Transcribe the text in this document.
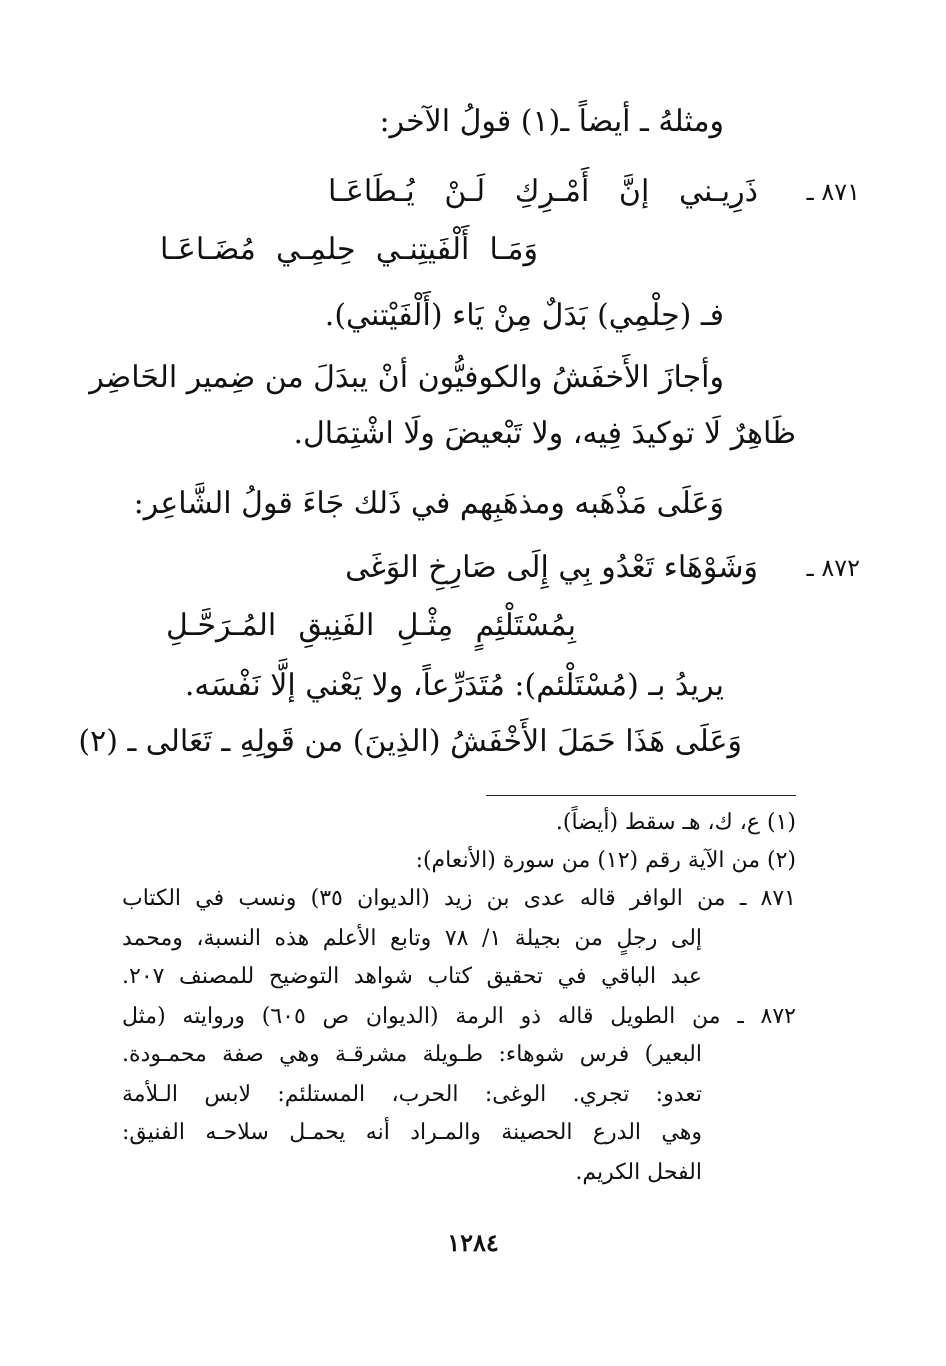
ومثلهُ ـ أيضاً ـ(١) قولُ الآخر:
٨٧١ ـ
ذَرِيـني إنَّ أَمْـرِكِ لَـنْ يُـطَاعَـا
وَمَـا أَلْفَيتِنـي حِلمِـي مُضَـاعَـا
فـ (حِلْمِي) بَدَلٌ مِنْ يَاء (أَلْفَيْتني).
وأجازَ الأَخفَشُ والكوفيُّون أنْ يبدَلَ من ضِمير الحَاضِر
ظَاهِرٌ لَا توكيدَ فِيه، ولا تَبْعيضَ ولَا اشْتِمَال.
وَعَلَى مَذْهَبه ومذهَبِهم في ذَلك جَاءَ قولُ الشَّاعِر:
٨٧٢ ـ
وَشَوْهَاء تَعْدُو بِي إِلَى صَارِخِ الوَغَى
بِمُسْتَلْئِمٍ مِثْـلِ الفَنِيقِ المُـرَحَّـلِ
يريدُ بـ (مُسْتَلْئم): مُتَدَرِّعاً، ولا يَعْني إلَّا نَفْسَه.
وَعَلَى هَذَا حَمَلَ الأَخْفَشُ (الذِينَ) من قَولِهِ ـ تَعَالى ـ (٢)
(١) ع، ك، هـ سقط (أيضاً).
(٢) من الآية رقم (١٢) من سورة (الأنعام):
٨٧١ ـ من الوافر قاله عدى بن زيد (الديوان ٣٥) ونسب في الكتاب
إلى رجلٍ من بجيلة ١/ ٧٨ وتابع الأعلم هذه النسبة، ومحمد
عبد الباقي في تحقيق كتاب شواهد التوضيح للمصنف ٢٠٧.
٨٧٢ ـ من الطويل قاله ذو الرمة (الديوان ص ٦٠٥) وروايته (مثل
البعير) فرس شوهاء: طـويلة مشرقـة وهي صفة محمـودة.
تعدو: تجري. الوغى: الحرب، المستلئم: لابس الـلأمة
وهي الدرع الحصينة والمـراد أنه يحمـل سلاحـه الفنيق:
الفحل الكريم.
١٢٨٤
